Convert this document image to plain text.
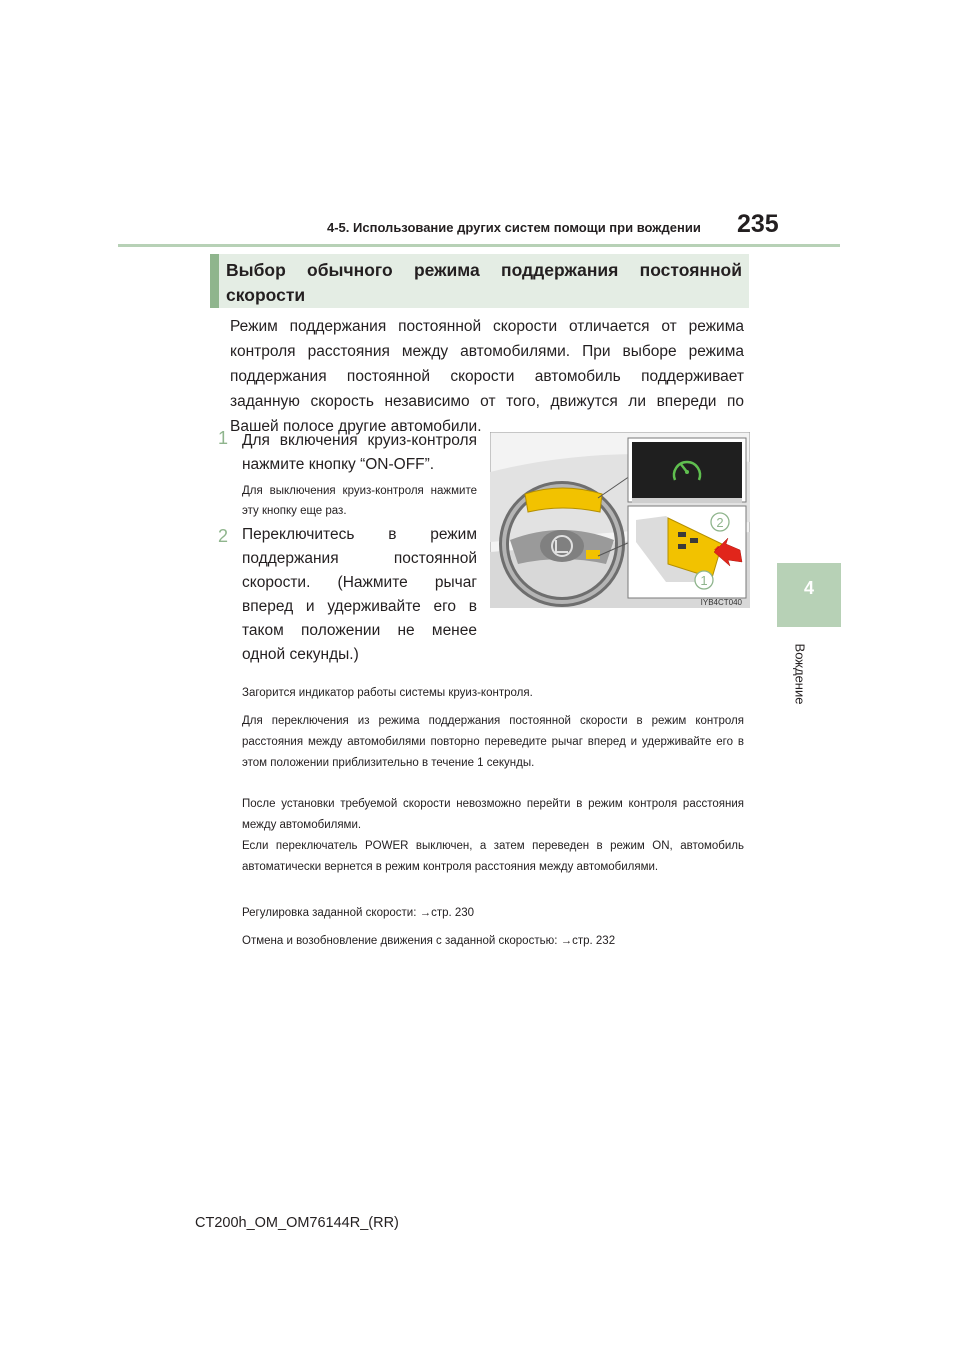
4-5. Использование других систем помощи при вождении 235
4
Вождение
Выбор обычного режима поддержания постоянной скорости
Режим поддержания постоянной скорости отличается от режима контроля расстояния между автомобилями. При выборе режима поддержания постоянной скорости автомобиль поддерживает заданную скорость независимо от того, движутся ли впереди по Вашей полосе другие автомобили.
1 Для включения круиз-контроля нажмите кнопку “ON-OFF”.
Для выключения круиз-контроля нажмите эту кнопку еще раз.
2 Переключитесь в режим поддержания постоянной скорости. (Нажмите рычаг вперед и удерживайте его в таком положении не менее одной секунды.)
2
1
IYB4CT040
Загорится индикатор работы системы круиз-контроля.
Для переключения из режима поддержания постоянной скорости в режим контроля расстояния между автомобилями повторно переведите рычаг вперед и удерживайте его в этом положении приблизительно в течение 1 секунды.
После установки требуемой скорости невозможно перейти в режим контроля расстояния между автомобилями.
Если переключатель POWER выключен, а затем переведен в режим ON, автомобиль автоматически вернется в режим контроля расстояния между автомобилями.
Регулировка заданной скорости: →стр. 230
Отмена и возобновление движения с заданной скоростью: →стр. 232
CT200h_OM_OM76144R_(RR)
